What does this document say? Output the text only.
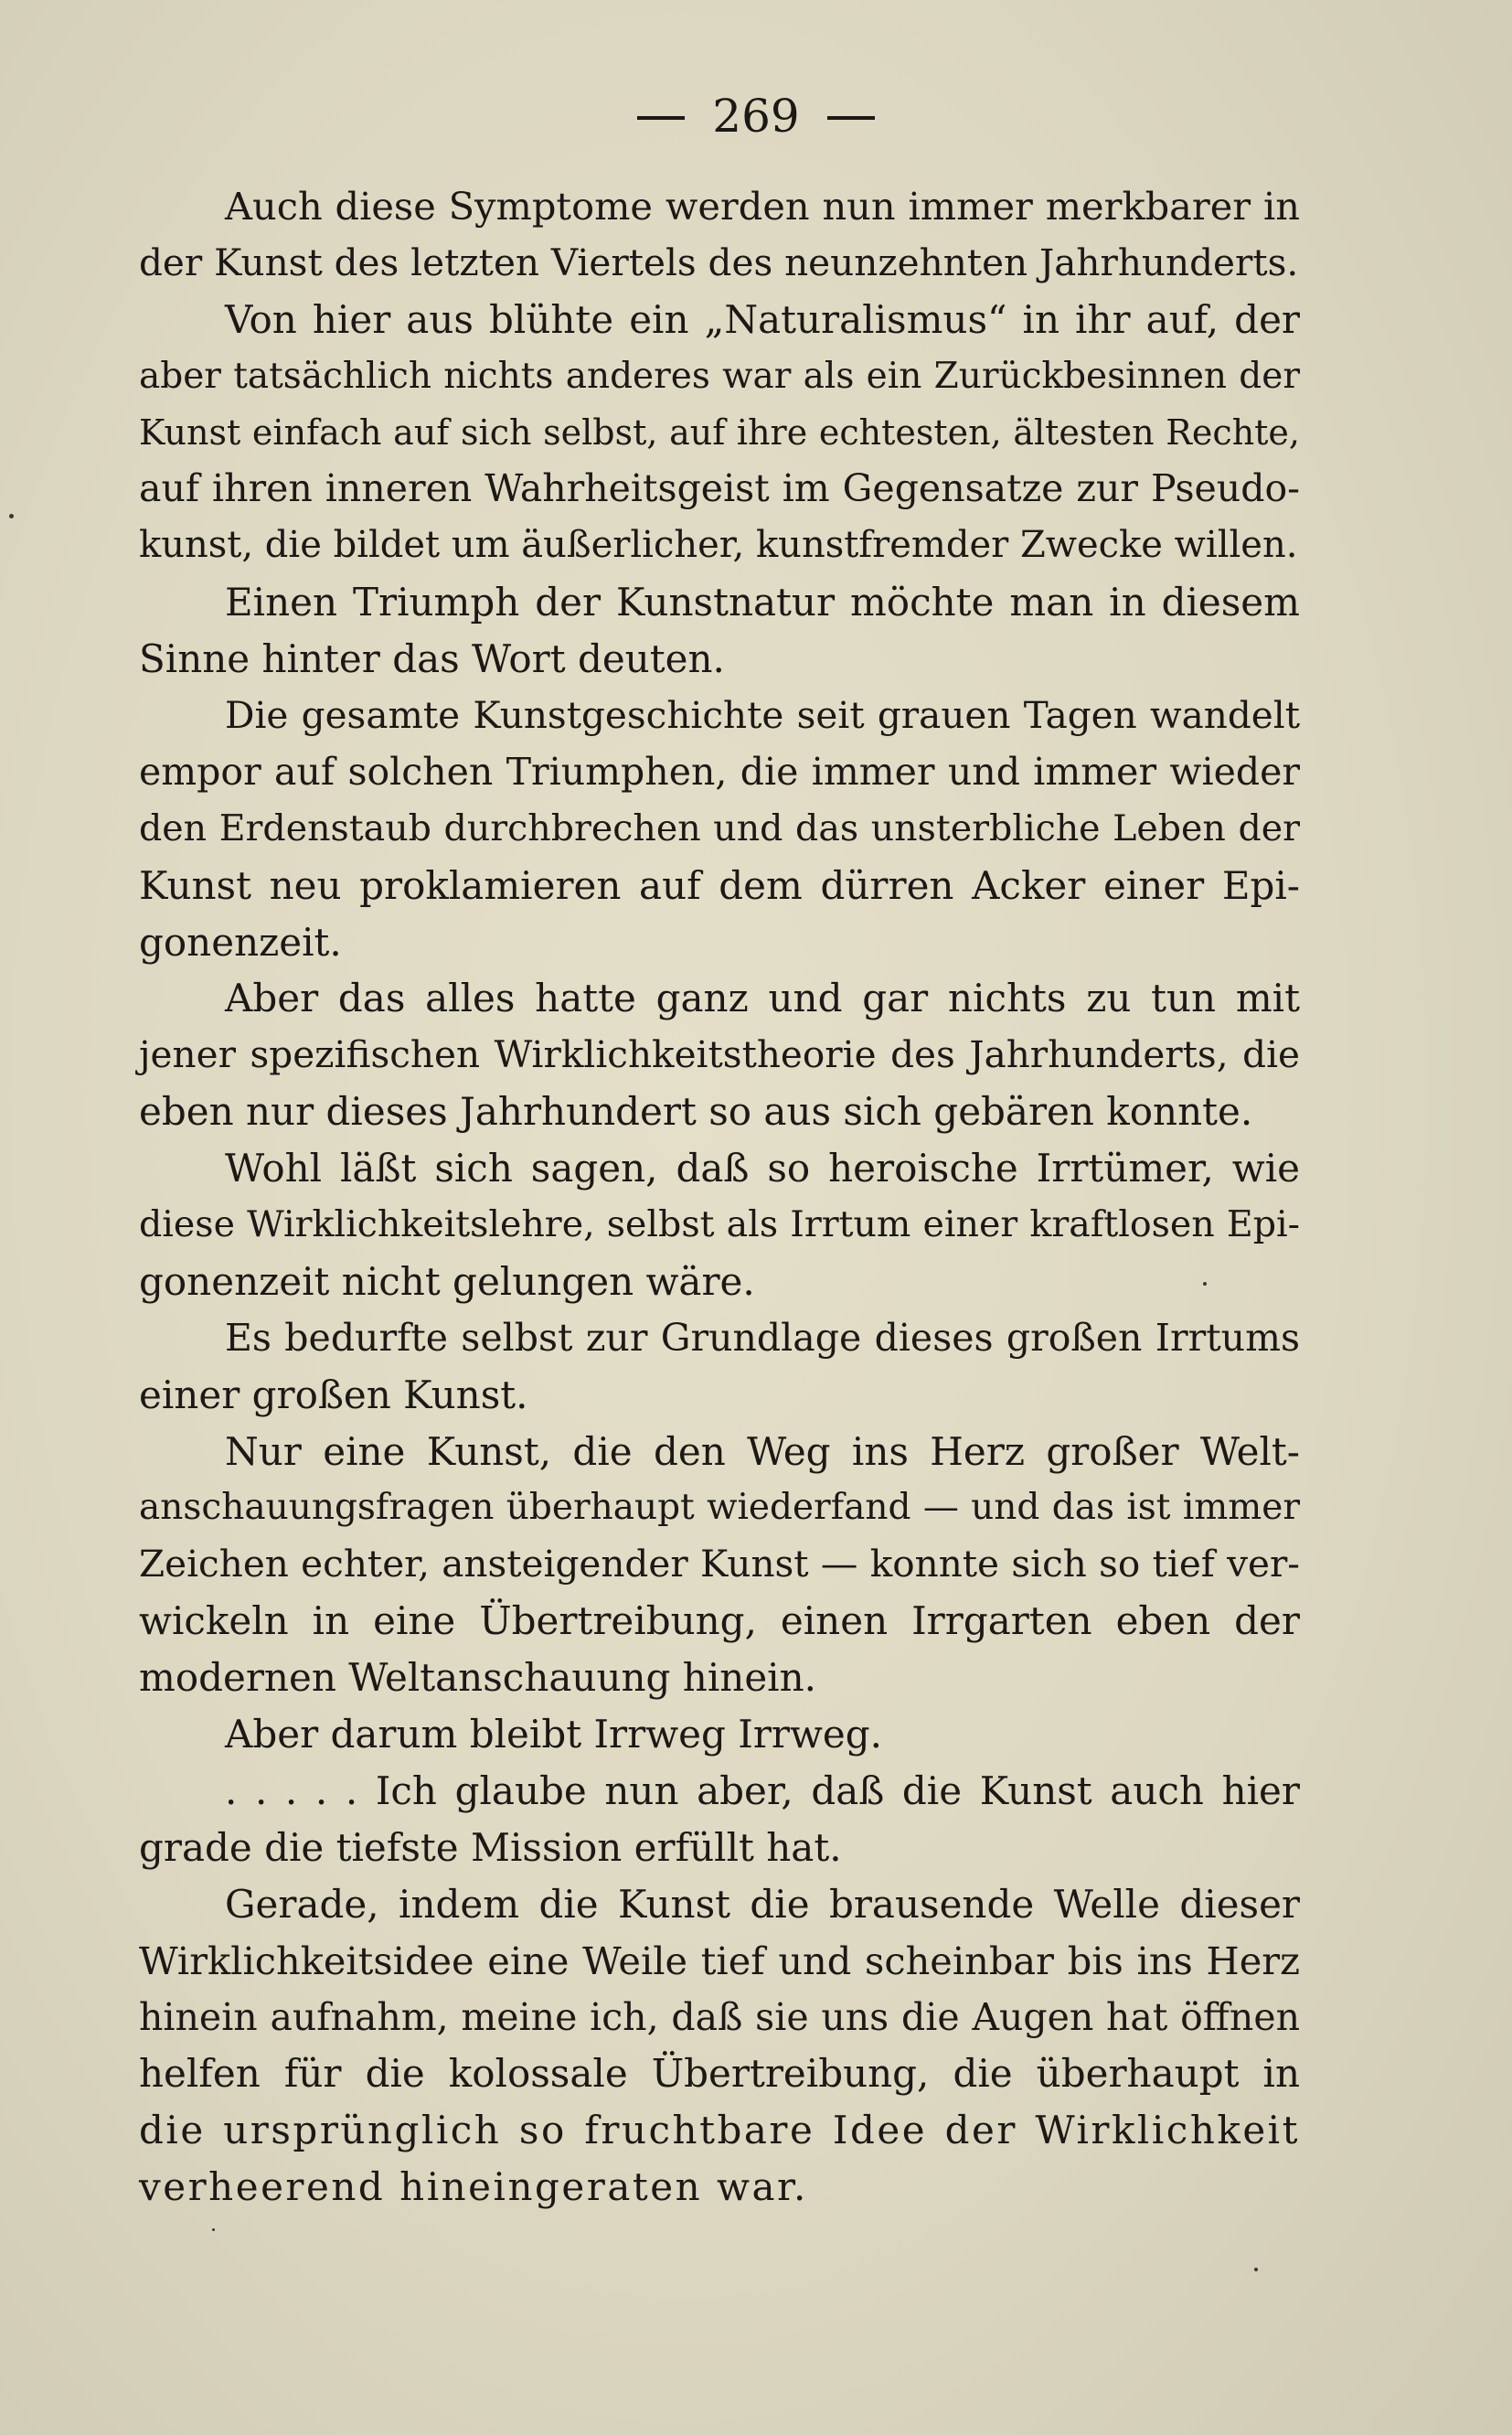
269
Auch diese Symptome werden nun immer merkbarer in
der Kunst des letzten Viertels des neunzehnten Jahrhunderts.
Von hier aus blühte ein „Naturalismus“ in ihr auf, der
aber tatsächlich nichts anderes war als ein Zurückbesinnen der
Kunst einfach auf sich selbst, auf ihre echtesten, ältesten Rechte,
auf ihren inneren Wahrheitsgeist im Gegensatze zur Pseudo-
kunst, die bildet um äußerlicher, kunstfremder Zwecke willen.
Einen Triumph der Kunstnatur möchte man in diesem
Sinne hinter das Wort deuten.
Die gesamte Kunstgeschichte seit grauen Tagen wandelt
empor auf solchen Triumphen, die immer und immer wieder
den Erdenstaub durchbrechen und das unsterbliche Leben der
Kunst neu proklamieren auf dem dürren Acker einer Epi-
gonenzeit.
Aber das alles hatte ganz und gar nichts zu tun mit
jener spezifischen Wirklichkeitstheorie des Jahrhunderts, die
eben nur dieses Jahrhundert so aus sich gebären konnte.
Wohl läßt sich sagen, daß so heroische Irrtümer, wie
diese Wirklichkeitslehre, selbst als Irrtum einer kraftlosen Epi-
gonenzeit nicht gelungen wäre.
Es bedurfte selbst zur Grundlage dieses großen Irrtums
einer großen Kunst.
Nur eine Kunst, die den Weg ins Herz großer Welt-
anschauungsfragen überhaupt wiederfand — und das ist immer
Zeichen echter, ansteigender Kunst — konnte sich so tief ver-
wickeln in eine Übertreibung, einen Irrgarten eben der
modernen Weltanschauung hinein.
Aber darum bleibt Irrweg Irrweg.
. . . . . Ich glaube nun aber, daß die Kunst auch hier
grade die tiefste Mission erfüllt hat.
Gerade, indem die Kunst die brausende Welle dieser
Wirklichkeitsidee eine Weile tief und scheinbar bis ins Herz
hinein aufnahm, meine ich, daß sie uns die Augen hat öffnen
helfen für die kolossale Übertreibung, die überhaupt in
die ursprünglich so fruchtbare Idee der Wirklichkeit
verheerend hineingeraten war.
